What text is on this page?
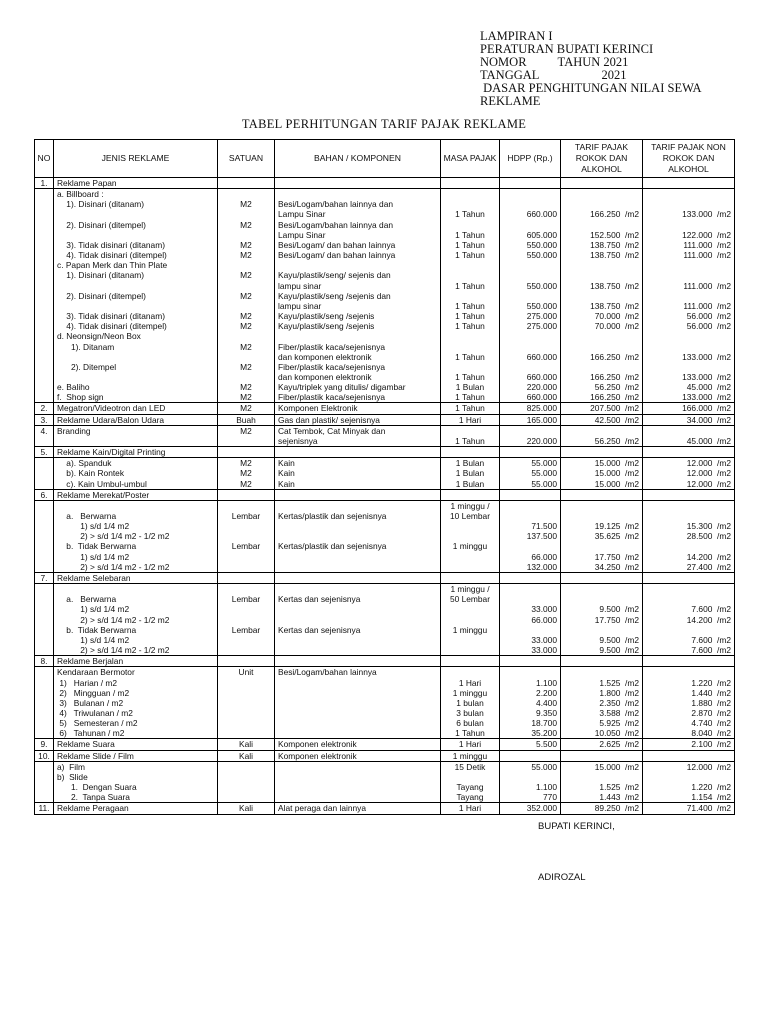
LAMPIRAN I
PERATURAN BUPATI KERINCI
NOMOR          TAHUN 2021
TANGGAL                    2021
DASAR PENGHITUNGAN NILAI SEWA
REKLAME
TABEL PERHITUNGAN TARIF PAJAK REKLAME
NO	JENIS REKLAME	SATUAN	BAHAN / KOMPONEN	MASA PAJAK	HDPP (Rp.)	TARIF PAJAK ROKOK DAN ALKOHOL	TARIF PAJAK NON ROKOK DAN ALKOHOL
1.	Reklame Papan						
	a. Billboard :						
	1). Disinari (ditanam)	M2	Besi/Logam/bahan lainnya dan				
			Lampu Sinar	1 Tahun	660.000	166.250  /m2	133.000  /m2
	2). Disinari (ditempel)	M2	Besi/Logam/bahan lainnya dan				
			Lampu Sinar	1 Tahun	605.000	152.500  /m2	122.000  /m2
	3). Tidak disinari (ditanam)	M2	Besi/Logam/ dan bahan lainnya	1 Tahun	550.000	138.750  /m2	111.000  /m2
	4). Tidak disinari (ditempel)	M2	Besi/Logam/ dan bahan lainnya	1 Tahun	550.000	138.750  /m2	111.000  /m2
	c. Papan Merk dan Thin Plate						
	1). Disinari (ditanam)	M2	Kayu/plastik/seng/ sejenis dan				
			lampu sinar	1 Tahun	550.000	138.750  /m2	111.000  /m2
	2). Disinari (ditempel)	M2	Kayu/plastik/seng /sejenis dan				
			lampu sinar	1 Tahun	550.000	138.750  /m2	111.000  /m2
	3). Tidak disinari (ditanam)	M2	Kayu/plastik/seng /sejenis	1 Tahun	275.000	70.000  /m2	56.000  /m2
	4). Tidak disinari (ditempel)	M2	Kayu/plastik/seng /sejenis	1 Tahun	275.000	70.000  /m2	56.000  /m2
	d. Neonsign/Neon Box						
	1). Ditanam	M2	Fiber/plastik kaca/sejenisnya				
			dan komponen elektronik	1 Tahun	660.000	166.250  /m2	133.000  /m2
	2). Ditempel	M2	Fiber/plastik kaca/sejenisnya				
			dan komponen elektronik	1 Tahun	660.000	166.250  /m2	133.000  /m2
	e. Baliho	M2	Kayu/triplek yang ditulis/ digambar	1 Bulan	220.000	56.250  /m2	45.000  /m2
	f.  Shop sign	M2	Fiber/plastik kaca/sejenisnya	1 Tahun	660.000	166.250  /m2	133.000  /m2
2.	Megatron/Videotron dan LED	M2	Komponen Elektronik	1 Tahun	825.000	207.500  /m2	166.000  /m2
3.	Reklame Udara/Balon Udara	Buah	Gas dan plastik/ sejenisnya	1 Hari	165.000	42.500  /m2	34.000  /m2
4.	Branding	M2	Cat Tembok, Cat Minyak dan				
			sejenisnya	1 Tahun	220.000	56.250  /m2	45.000  /m2
5.	Reklame Kain/Digital Printing						
	a). Spanduk	M2	Kain	1 Bulan	55.000	15.000  /m2	12.000  /m2
	b). Kain Rontek	M2	Kain	1 Bulan	55.000	15.000  /m2	12.000  /m2
	c). Kain Umbul-umbul	M2	Kain	1 Bulan	55.000	15.000  /m2	12.000  /m2
6.	Reklame Merekat/Poster						
				1 minggu /			
	a.   Berwarna	Lembar	Kertas/plastik dan sejenisnya	10 Lembar			
	1) s/d 1/4 m2				71.500	19.125  /m2	15.300  /m2
	2) > s/d 1/4 m2 - 1/2 m2				137.500	35.625  /m2	28.500  /m2
	b.  Tidak Berwarna	Lembar	Kertas/plastik dan sejenisnya	1 minggu			
	1) s/d 1/4 m2				66.000	17.750  /m2	14.200  /m2
	2) > s/d 1/4 m2 - 1/2 m2				132.000	34.250  /m2	27.400  /m2
7.	Reklame Selebaran						
				1 minggu /			
	a.   Berwarna	Lembar	Kertas dan sejenisnya	50 Lembar			
	1) s/d 1/4 m2				33.000	9.500  /m2	7.600  /m2
	2) > s/d 1/4 m2 - 1/2 m2				66.000	17.750  /m2	14.200  /m2
	b.  Tidak Berwarna	Lembar	Kertas dan sejenisnya	1 minggu			
	1) s/d 1/4 m2				33.000	9.500  /m2	7.600  /m2
	2) > s/d 1/4 m2 - 1/2 m2				33.000	9.500  /m2	7.600  /m2
8.	Reklame Berjalan						
	Kendaraan Bermotor	Unit	Besi/Logam/bahan lainnya				
	1)   Harian / m2			1 Hari	1.100	1.525  /m2	1.220  /m2
	2)   Mingguan / m2			1 minggu	2.200	1.800  /m2	1.440  /m2
	3)   Bulanan / m2			1 bulan	4.400	2.350  /m2	1.880  /m2
	4)   Triwulanan / m2			3 bulan	9.350	3.588  /m2	2.870  /m2
	5)   Semesteran / m2			6 bulan	18.700	5.925  /m2	4.740  /m2
	6)   Tahunan / m2			1 Tahun	35.200	10.050  /m2	8.040  /m2
9.	Reklame Suara	Kali	Komponen elektronik	1 Hari	5.500	2.625  /m2	2.100  /m2
10.	Reklame Slide / Film	Kali	Komponen elektronik	1 minggu			
	a)  Film			15 Detik	55.000	15.000  /m2	12.000  /m2
	b)  Slide						
	1.  Dengan Suara			Tayang	1.100	1.525  /m2	1.220  /m2
	2.  Tanpa Suara			Tayang	770	1.443  /m2	1.154  /m2

11.	Reklame Peragaan	Kali	Alat peraga dan lainnya	1 Hari	352.000	89.250  /m2	71.400  /m2
BUPATI KERINCI,
ADIROZAL
